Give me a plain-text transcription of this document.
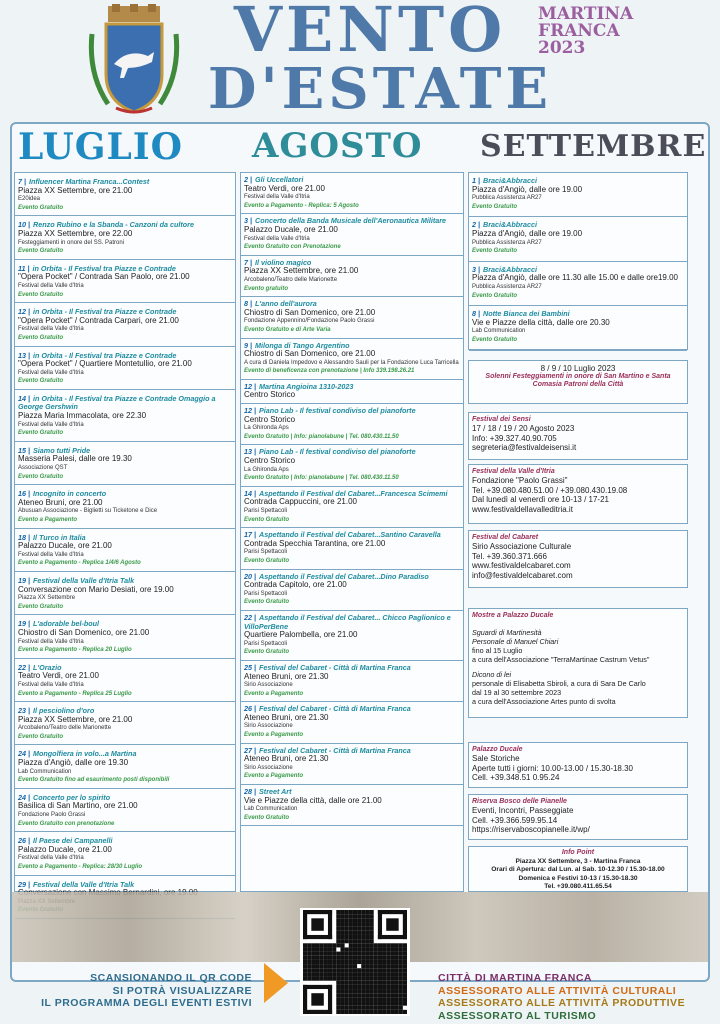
VENTO
D'ESTATE
MARTINA
FRANCA
2023
LUGLIO AGOSTO SETTEMBRE
7 | Influencer Martina Franca...Contest
Piazza XX Settembre, ore 21.00
E20idea
Evento Gratuito
10 | Renzo Rubino e la Sbanda - Canzoni da cultore
Piazza XX Settembre, ore 22.00
Festeggiamenti in onore del SS. Patroni
Evento Gratuito
11 | in Orbita - Il Festival tra Piazze e Contrade
"Opera Pocket" / Contrada San Paolo, ore 21.00
Festival della Valle d'Itria
Evento Gratuito
12 | in Orbita - Il Festival tra Piazze e Contrade
"Opera Pocket" / Contrada Carpari, ore 21.00
Festival della Valle d'Itria
Evento Gratuito
13 | in Orbita - Il Festival tra Piazze e Contrade
"Opera Pocket" / Quartiere Montetullio, ore 21.00
Festival della Valle d'Itria
Evento Gratuito
14 | in Orbita - Il Festival tra Piazze e Contrade Omaggio a George Gershwin
Piazza Maria Immacolata, ore 22.30
Festival della Valle d'Itria
Evento Gratuito
15 | Siamo tutti Pride
Masseria Palesi, dalle ore 19.30
Associazione QST
Evento Gratuito
16 | Incognito in concerto
Ateneo Bruni, ore 21.00
Abusuan Associazione - Biglietti su Ticketone e Dice
Evento a Pagamento
18 | Il Turco in Italia
Palazzo Ducale, ore 21.00
Festival della Valle d'Itria
Evento a Pagamento - Replica 1/4/6 Agosto
19 | Festival della Valle d'Itria Talk
Conversazione con Mario Desiati, ore 19.00
Piazza XX Settembre
Evento Gratuito
19 | L'adorable bel-boul
Chiostro di San Domenico, ore 21.00
Festival della Valle d'Itria
Evento a Pagamento - Replica 20 Luglio
22 | L'Orazio
Teatro Verdi, ore 21.00
Festival della Valle d'Itria
Evento a Pagamento - Replica 25 Luglio
23 | Il pesciolino d'oro
Piazza XX Settembre, ore 21.00
Arcobaleno/Teatro delle Marionette
Evento Gratuito
24 | Mongolfiera in volo...a Martina
Piazza d'Angiò, dalle ore 19.30
Lab Communication
Evento Gratuito fino ad esaurimento posti disponibili
24 | Concerto per lo spirito
Basilica di San Martino, ore 21.00
Fondazione Paolo Grassi
Evento Gratuito con prenotazione
26 | Il Paese dei Campanelli
Palazzo Ducale, ore 21.00
Festival della Valle d'Itria
Evento a Pagamento - Replica: 28/30 Luglio
29 | Festival della Valle d'Itria Talk
2 | Gli Uccellatori
Teatro Verdi, ore 21.00
Festival della Valle d'Itria
Evento a Pagamento - Replica: 5 Agosto
3 | Concerto della Banda Musicale dell'Aeronautica Militare
Palazzo Ducale, ore 21.00
Festival della Valle d'Itria
Evento Gratuito con Prenotazione
7 | Il violino magico
Piazza XX Settembre, ore 21.00
Arcobaleno/Teatro delle Marionette
Evento gratuito
8 | L'anno dell'aurora
Chiostro di San Domenico, ore 21.00
Fondazione Appennino/Fondazione Paolo Grassi
Evento Gratuito e di Arte Varia
9 | Milonga di Tango Argentino
Chiostro di San Domenico, ore 21.00
A cura di Daniela Impedovo e Alessandro Sauli per la Fondazione Luca Tarricella
Evento di beneficenza con prenotazione | Info 339.198.26.21
12 | Martina Angioina 1310-2023
Centro Storico
12 | Piano Lab - Il festival condiviso del pianoforte
Centro Storico
La Ghironda Aps
Evento Gratuito | Info: pianolabune | Tel. 080.430.11.50
13 | Piano Lab - Il festival condiviso del pianoforte
Centro Storico
La Ghironda Aps
Evento Gratuito | Info: pianolabune | Tel. 080.430.11.50
14 | Aspettando il Festival del Cabaret...Francesca Scimemi
Contrada Cappuccini, ore 21.00
Parisi Spettacoli
Evento Gratuito
17 | Aspettando il Festival del Cabaret...Santino Caravella
Contrada Specchia Tarantina, ore 21.00
Parisi Spettacoli
Evento Gratuito
20 | Aspettando il Festival del Cabaret...Dino Paradiso
Contrada Capitolo, ore 21.00
Parisi Spettacoli
Evento Gratuito
22 | Aspettando il Festival del Cabaret... Chicco Paglionico e VilloPerBene
Quartiere Palombella, ore 21.00
Parisi Spettacoli
Evento Gratuito
25 | Festival del Cabaret - Città di Martina Franca
Ateneo Bruni, ore 21.30
Sirio Associazione
Evento a Pagamento
26 | Festival del Cabaret - Città di Martina Franca
Ateneo Bruni, ore 21.30
Sirio Associazione
Evento a Pagamento
27 | Festival del Cabaret - Città di Martina Franca
Ateneo Bruni, ore 21.30
Sirio Associazione
Evento a Pagamento
28 | Street Art
Vie e Piazze della città, dalle ore 21.00
Lab Communication
Evento Gratuito
1 | Braci&Abbracci
Piazza d'Angiò, dalle ore 19.00
Pubblica Assistenza AR27
Evento Gratuito
2 | Braci&Abbracci
Piazza d'Angiò, dalle ore 19.00
Pubblica Assistenza AR27
Evento Gratuito
3 | Braci&Abbracci
Piazza d'Angiò, dalle ore 11.30 alle 15.00 e dalle ore19.00
Pubblica Assistenza AR27
Evento Gratuito
8 | Notte Bianca dei Bambini
Vie e Piazze della città, dalle ore 20.30
Lab Communication
Evento Gratuito
8 / 9 / 10 Luglio 2023
Solenni Festeggiamenti in onore di San Martino e Santa Comasia Patroni della Città
Festival dei Sensi
17 / 18 / 19 / 20 Agosto 2023
Info: +39.327.40.90.705
segreteria@festivaldeisensi.it
Festival della Valle d'Itria
Fondazione "Paolo Grassi"
Tel. +39.080.480.51.00 / +39.080.430.19.08
Dal lunedì al venerdì ore 10-13 / 17-21
www.festivaldellavalleditria.it
Festival del Cabaret
Sirio Associazione Culturale
Tel. +39.360.371.666
www.festivaldelcabaret.com
info@festivaldelcabaret.com
Mostre a Palazzo Ducale
Sguardi di Martinesità
Personale di Manuel Chiari
fino al 15 Luglio
a cura dell'Associazione "TerraMartinae Castrum Vetus"
Dicono di lei
personale di Elisabetta Sbiroli, a cura di Sara De Carlo
dal 19 al 30 settembre 2023
a cura dell'Associazione Artes punto di svolta
Palazzo Ducale
Sale Storiche
Aperte tutti i giorni: 10.00-13.00 / 15.30-18.30
Cell. +39.348.51 0.95.24
Riserva Bosco delle Pianelle
Eventi, Incontri, Passeggiate
Cell. +39.366.599.95.14
https://riservaboscopianelle.it/wp/
Info Point
Piazza XX Settembre, 3 - Martina Franca
Orari di Apertura: dal Lun. al Sab. 10-12.30 / 15.30-18.00
Domenica e Festivi 10-13 / 15.30-18.30
Tel. +39.080.411.65.54
SCANSIONANDO IL QR CODE
SI POTRÀ VISUALIZZARE
IL PROGRAMMA DEGLI EVENTI ESTIVI
CITTÀ DI MARTINA FRANCA
ASSESSORATO ALLE ATTIVITÀ CULTURALI
ASSESSORATO ALLE ATTIVITÀ PRODUTTIVE
ASSESSORATO AL TURISMO
